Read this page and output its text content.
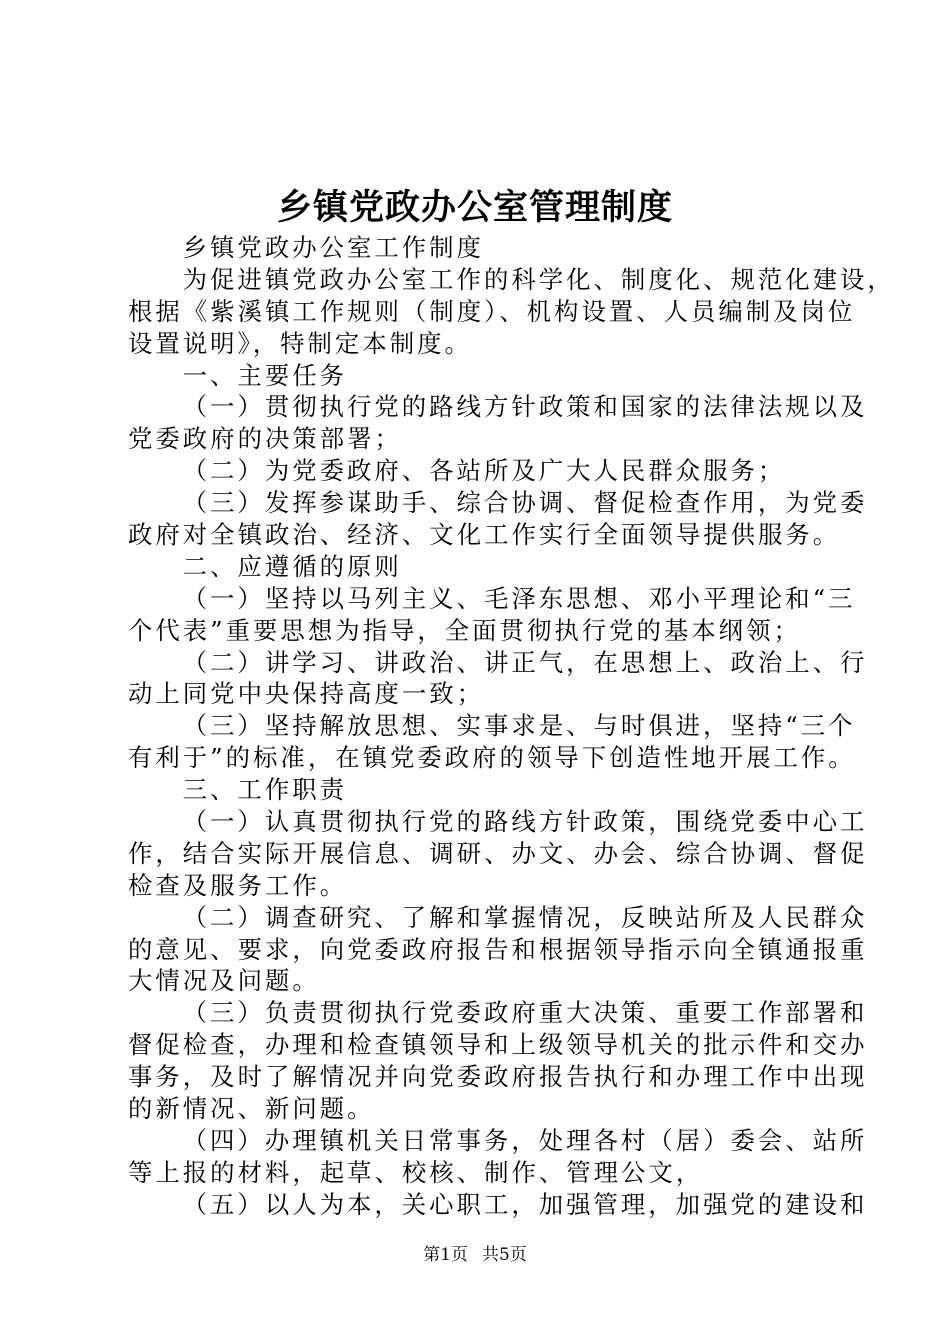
乡镇党政办公室管理制度
乡镇党政办公室工作制度
为促进镇党政办公室工作的科学化、制度化、规范化建设，
根据《紫溪镇工作规则（制度）、机构设置、人员编制及岗位
设置说明》，特制定本制度。
一、主要任务
（一）贯彻执行党的路线方针政策和国家的法律法规以及
党委政府的决策部署；
（二）为党委政府、各站所及广大人民群众服务；
（三）发挥参谋助手、综合协调、督促检查作用，为党委
政府对全镇政治、经济、文化工作实行全面领导提供服务。
二、应遵循的原则
（一）坚持以马列主义、毛泽东思想、邓小平理论和“三
个代表”重要思想为指导，全面贯彻执行党的基本纲领；
（二）讲学习、讲政治、讲正气，在思想上、政治上、行
动上同党中央保持高度一致；
（三）坚持解放思想、实事求是、与时俱进，坚持“三个
有利于”的标准，在镇党委政府的领导下创造性地开展工作。
三、工作职责
（一）认真贯彻执行党的路线方针政策，围绕党委中心工
作，结合实际开展信息、调研、办文、办会、综合协调、督促
检查及服务工作。
（二）调查研究、了解和掌握情况，反映站所及人民群众
的意见、要求，向党委政府报告和根据领导指示向全镇通报重
大情况及问题。
（三）负责贯彻执行党委政府重大决策、重要工作部署和
督促检查，办理和检查镇领导和上级领导机关的批示件和交办
事务，及时了解情况并向党委政府报告执行和办理工作中出现
的新情况、新问题。
（四）办理镇机关日常事务，处理各村（居）委会、站所
等上报的材料，起草、校核、制作、管理公文，
（五）以人为本，关心职工，加强管理，加强党的建设和
第1页 共5页
